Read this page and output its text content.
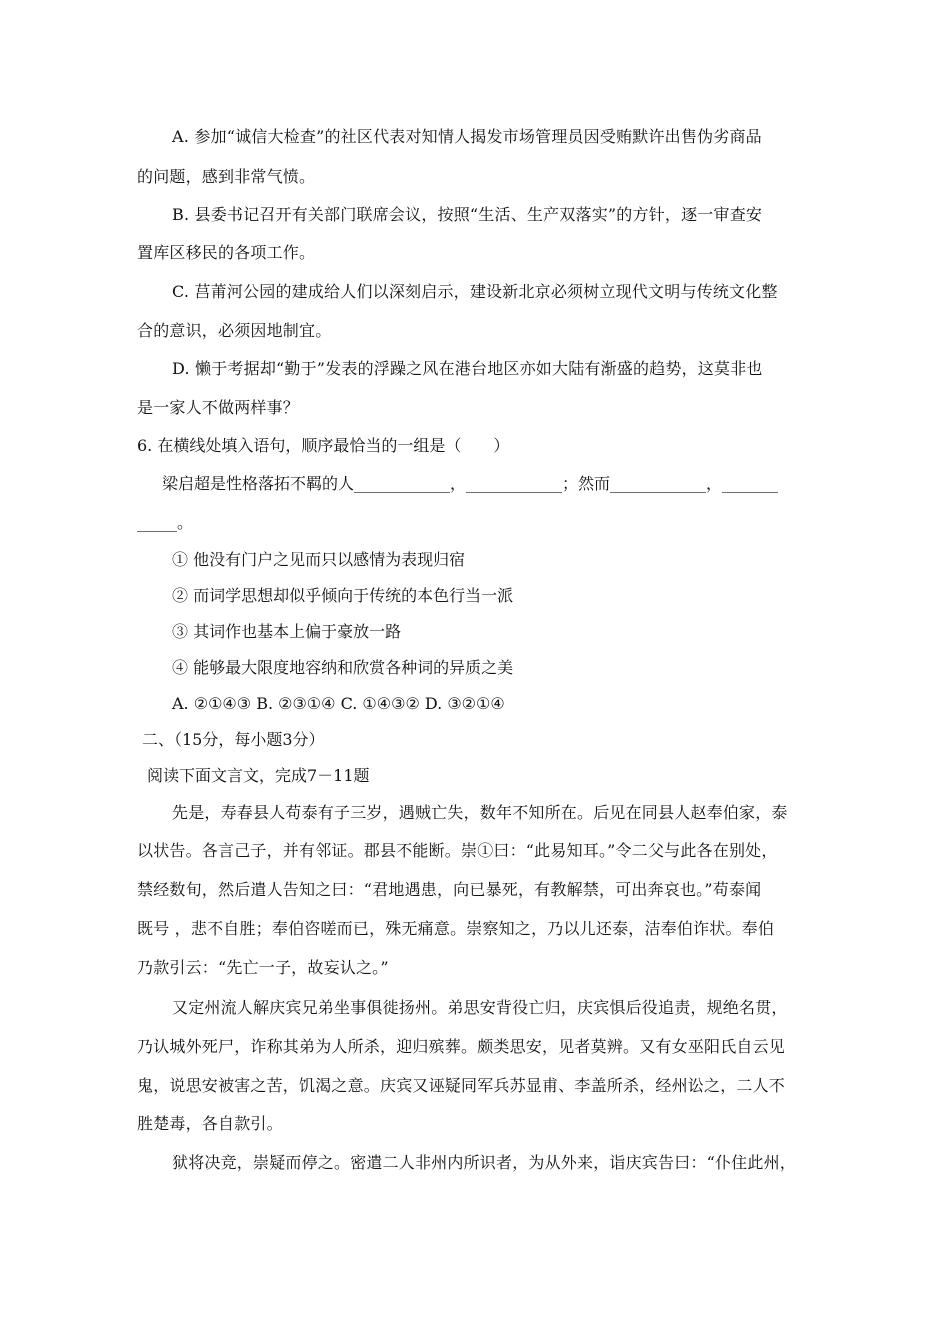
A. 参加“诚信大检查”的社区代表对知情人揭发市场管理员因受贿默许出售伪劣商品
的问题，感到非常气愤。
B. 县委书记召开有关部门联席会议，按照“生活、生产双落实”的方针，逐一审查安
置库区移民的各项工作。
C. 莒莆河公园的建成给人们以深刻启示，建设新北京必须树立现代文明与传统文化整
合的意识，必须因地制宜。
D. 懒于考据却“勤于”发表的浮躁之风在港台地区亦如大陆有渐盛的趋势，这莫非也
是一家人不做两样事？
6. 在横线处填入语句，顺序最恰当的一组是（　　）
梁启超是性格落拓不羁的人____________，____________；然而____________，_______
_____。
① 他没有门户之见而只以感情为表现归宿
② 而词学思想却似乎倾向于传统的本色行当一派
③ 其词作也基本上偏于豪放一路
④ 能够最大限度地容纳和欣赏各种词的异质之美
A. ②①④③ B. ②③①④ C. ①④③② D. ③②①④
二、（15分，每小题3分）
阅读下面文言文，完成7－11题
先是，寿春县人苟泰有子三岁，遇贼亡失，数年不知所在。后见在同县人赵奉伯家，泰
以状告。各言己子，并有邻证。郡县不能断。崇①曰：“此易知耳。”令二父与此各在别处，
禁经数旬，然后遣人告知之曰：“君地遇患，向已暴死，有教解禁，可出奔哀也。”苟泰闻
既号 ，悲不自胜；奉伯咨嗟而已，殊无痛意。崇察知之，乃以儿还泰，洁奉伯诈状。奉伯
乃款引云：“先亡一子，故妄认之。”
又定州流人解庆宾兄弟坐事俱徙扬州。弟思安背役亡归，庆宾惧后役追责，规绝名贯，
乃认城外死尸，诈称其弟为人所杀，迎归殡葬。颇类思安，见者莫辨。又有女巫阳氏自云见
鬼，说思安被害之苦，饥渴之意。庆宾又诬疑同军兵苏显甫、李盖所杀，经州讼之，二人不
胜楚毒，各自款引。
狱将决竞，崇疑而停之。密遣二人非州内所识者，为从外来，诣庆宾告曰：“仆住此州，
